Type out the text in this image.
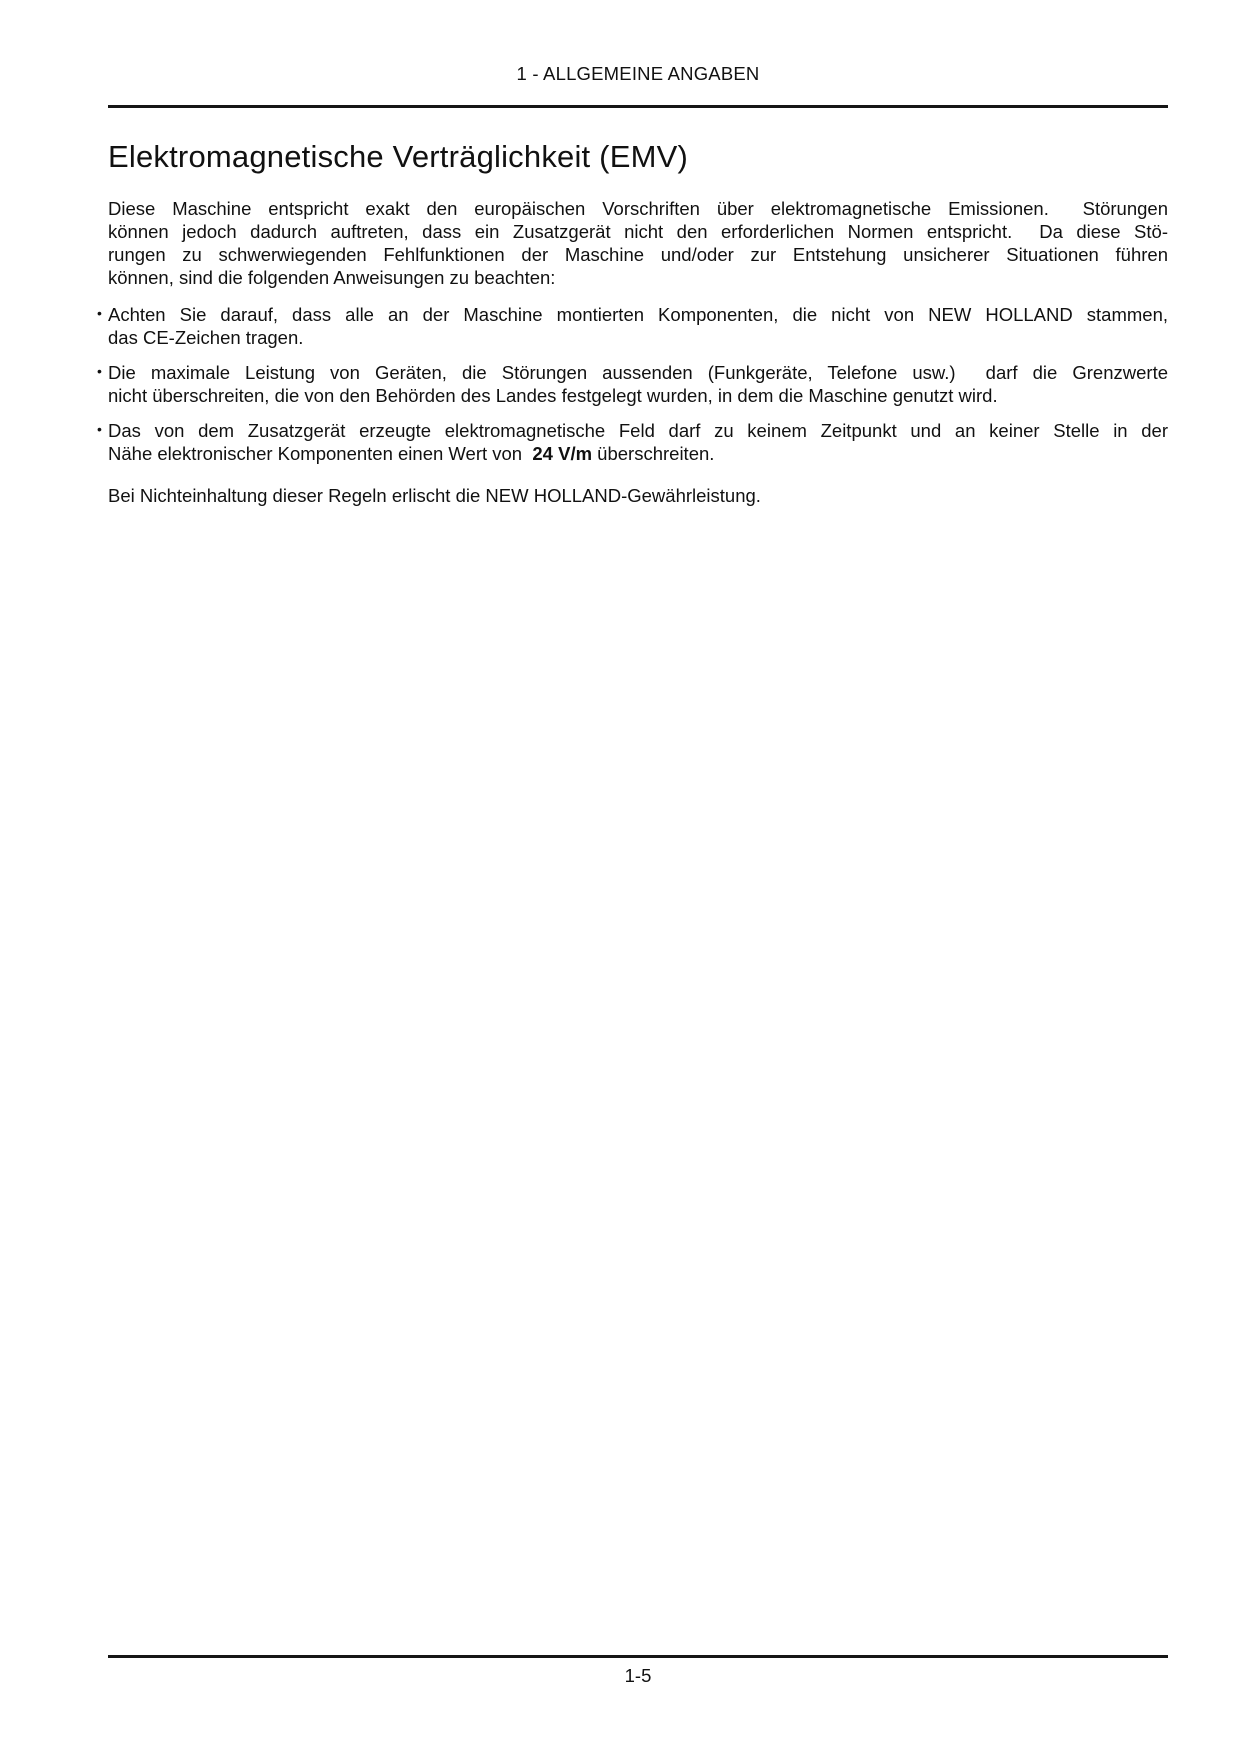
1 - ALLGEMEINE ANGABEN
Elektromagnetische Verträglichkeit (EMV)
Diese Maschine entspricht exakt den europäischen Vorschriften über elektromagnetische Emissionen.  Störungen
können jedoch dadurch auftreten, dass ein Zusatzgerät nicht den erforderlichen Normen entspricht.  Da diese Stö-
rungen zu schwerwiegenden Fehlfunktionen der Maschine und/oder zur Entstehung unsicherer Situationen führen
können, sind die folgenden Anweisungen zu beachten:
• Achten Sie darauf, dass alle an der Maschine montierten Komponenten, die nicht von NEW HOLLAND stammen,
das CE-Zeichen tragen.
• Die maximale Leistung von Geräten, die Störungen aussenden (Funkgeräte, Telefone usw.)  darf die Grenzwerte
nicht überschreiten, die von den Behörden des Landes festgelegt wurden, in dem die Maschine genutzt wird.
• Das von dem Zusatzgerät erzeugte elektromagnetische Feld darf zu keinem Zeitpunkt und an keiner Stelle in der
Nähe elektronischer Komponenten einen Wert von  24 V/m überschreiten.

Bei Nichteinhaltung dieser Regeln erlischt die NEW HOLLAND-Gewährleistung.

1-5
